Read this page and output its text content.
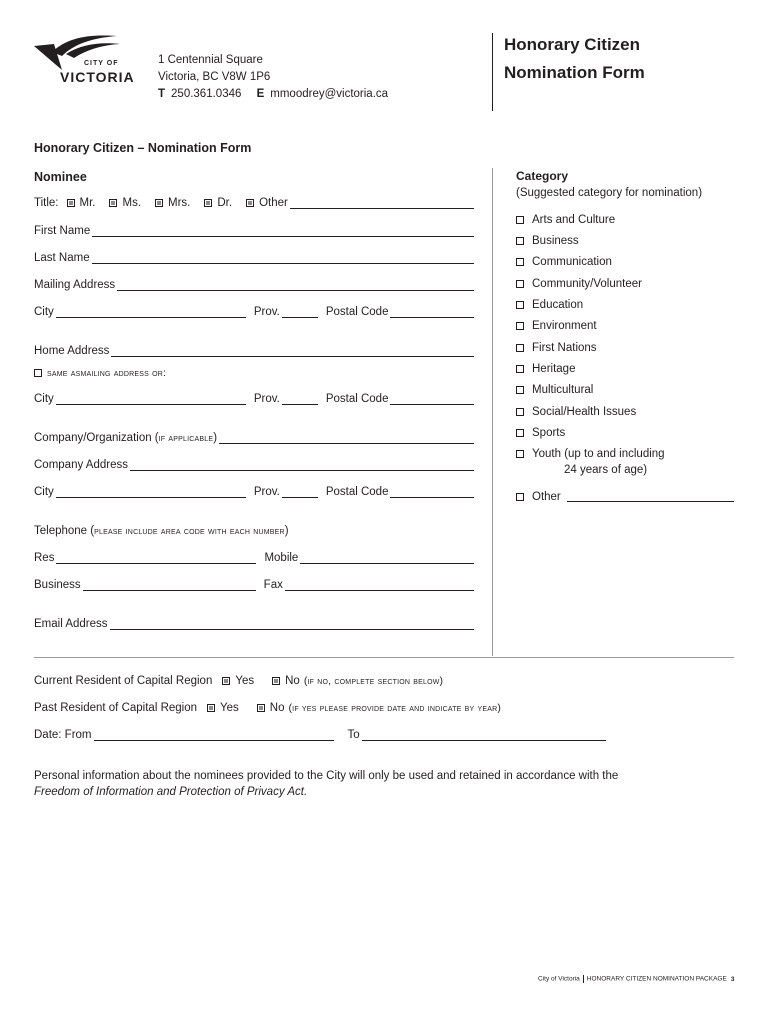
CITY OF
VICTORIA
1 Centennial Square
Victoria, BC V8W 1P6
T 250.361.0346 E mmoodrey@victoria.ca
Honorary Citizen
Nomination Form
Honorary Citizen – Nomination Form
Nominee
Title: Mr. Ms. Mrs. Dr. Other
First Name
Last Name
Mailing Address
City	Prov.	Postal Code
Home Address
same asmailing address or:
City	Prov.	Postal Code
Company/Organization ( if applicable )
Company Address
City	Prov.	Postal Code
Telephone ( please include area code with each number )
Res	Mobile
Business	Fax
Email Address
Category
(Suggested category for nomination)
Arts and Culture
Business
Communication
Community/Volunteer
Education
Environment
First Nations
Heritage
Multicultural
Social/Health Issues
Sports
Youth (up to and including
24 years of age)
Other
Current Resident of Capital Region Yes	No (if no, complete section below)
Past Resident of Capital Region Yes	No (if yes please provide date and indicate by year)
Date: From	To
Personal information about the nominees provided to the City will only be used and retained in accordance with the
Freedom of Information and Protection of Privacy Act.
City of Victoria HONORARY CITIZEN NOMINATION PACKAGE 3
